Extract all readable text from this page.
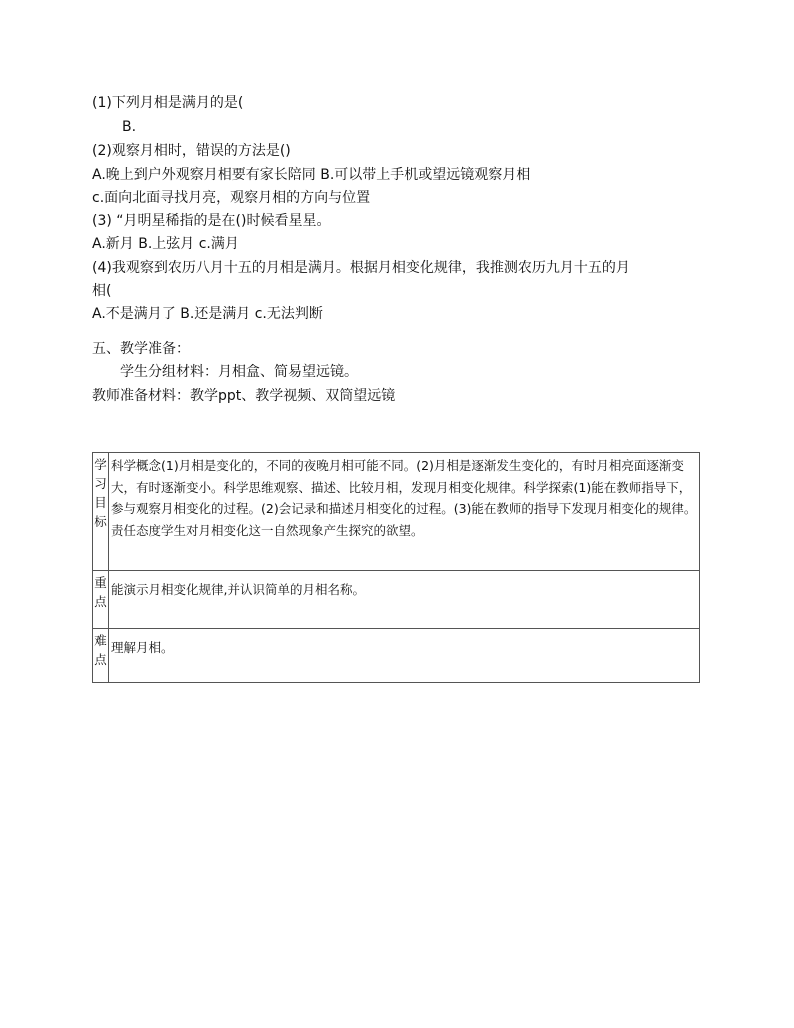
(1)下列月相是满月的是(
B.
(2)观察月相时，错误的方法是()
A.晚上到户外观察月相要有家长陪同 B.可以带上手机或望远镜观察月相
c.面向北面寻找月亮，观察月相的方向与位置
(3) “月明星稀指的是在()时候看星星。
A.新月 B.上弦月 c.满月
(4)我观察到农历八月十五的月相是满月。根据月相变化规律，我推测农历九月十五的月
相(
A.不是满月了 B.还是满月 c.无法判断
五、教学准备：
学生分组材料：月相盒、简易望远镜。
教师准备材料：教学ppt、教学视频、双筒望远镜
学习目标	科学概念(1)月相是变化的，不同的夜晚月相可能不同。(2)月相是逐渐发生变化的，有时月相亮面逐渐变大，有时逐渐变小。科学思维观察、描述、比较月相，发现月相变化规律。科学探索(1)能在教师指导下，参与观察月相变化的过程。(2)会记录和描述月相变化的过程。(3)能在教师的指导下发现月相变化的规律。责任态度学生对月相变化这一自然现象产生探究的欲望。
重点	能演示月相变化规律,并认识简单的月相名称。
难点	理解月相。
